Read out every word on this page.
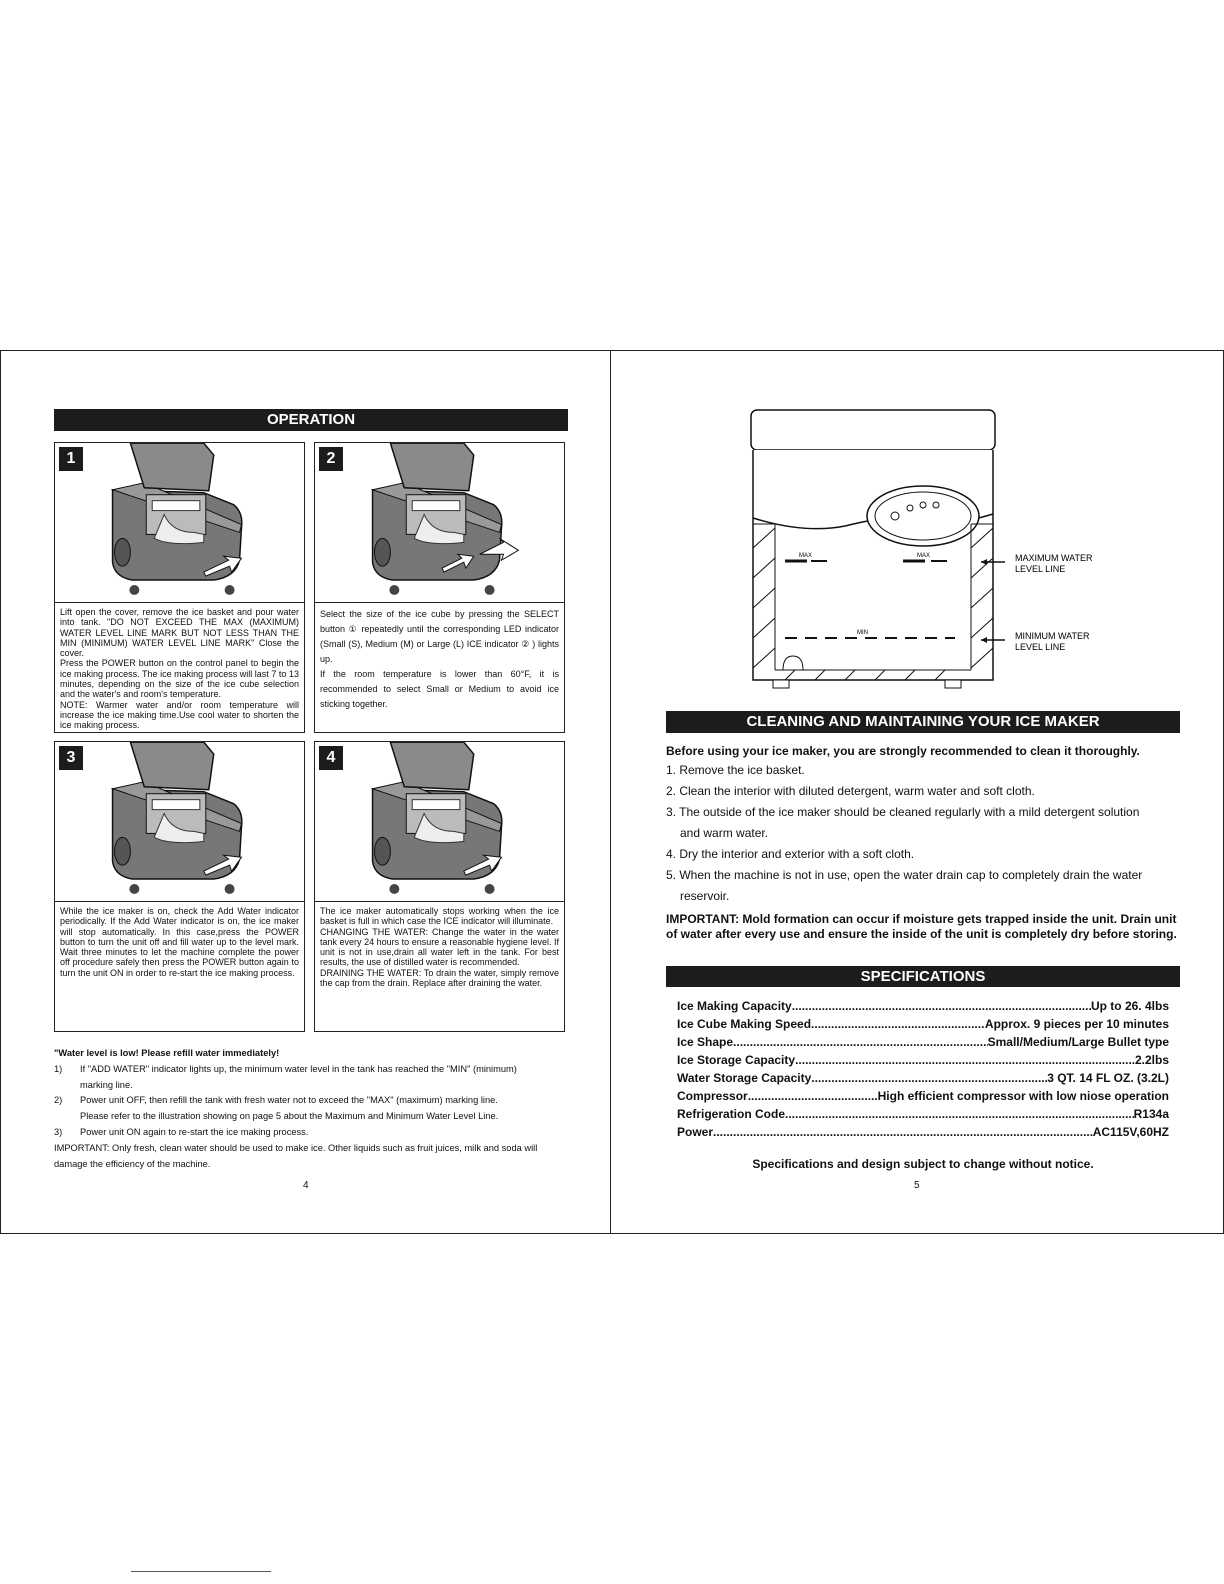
OPERATION
1

Lift open the cover, remove the ice basket and pour water into tank. "DO NOT EXCEED THE MAX (MAXIMUM) WATER LEVEL LINE MARK BUT NOT LESS THAN THE MIN (MINIMUM) WATER LEVEL LINE MARK" Close the cover.

Press the POWER button on the control panel to begin the ice making process. The ice making process will last 7 to 13 minutes, depending on the size of the ice cube selection and the water's and room's temperature.

NOTE: Warmer water and/or room temperature will increase the ice making time.Use cool water to shorten the ice making process.

2

Select the size of the ice cube by pressing the SELECT button ① repeatedly until the corresponding LED indicator (Small (S), Medium (M) or Large (L) ICE indicator ② ) lights up.

If the room temperature is lower than 60°F, it is recommended to select Small or Medium to avoid ice sticking together.

3

While the ice maker is on, check the Add Water indicator periodically. If the Add Water indicator is on, the ice maker will stop automatically. In this case,press the POWER button to turn the unit off and fill water up to the level mark. Wait three minutes to let the machine complete the power off procedure safely then press the POWER button again to turn the unit ON in order to re-start the ice making process.

4

The ice maker automatically stops working when the ice basket is full in which case the ICE indicator will illuminate.

CHANGING THE WATER: Change the water in the water tank every 24 hours to ensure a reasonable hygiene level. If unit is not in use,drain all water left in the tank. For best results, the use of distilled water is recommended.

DRAINING THE WATER: To drain the water, simply remove the cap from the drain. Replace after draining the water.

"Water level is low! Please refill water immediately!
1)	If "ADD WATER" indicator lights up, the minimum water level in the tank has reached the "MIN" (minimum)
marking line.
2)	Power unit OFF, then refill the tank with fresh water not to exceed the "MAX" (maximum) marking line.
Please refer to the illustration showing on page 5 about the Maximum and Minimum Water Level Line.
3)	Power unit ON again to re-start the ice making process.
IMPORTANT: Only fresh, clean water should be used to make ice. Other liquids such as fruit juices, milk and soda will damage the efficiency of the machine.
4
MAX	MAX
MIN
MAXIMUM WATER
LEVEL LINE
MINIMUM WATER
LEVEL LINE
CLEANING AND MAINTAINING YOUR ICE MAKER
Before using your ice maker, you are strongly recommended to clean it thoroughly.
1. Remove the ice basket.
2. Clean the interior with diluted detergent, warm water and soft cloth.
3. The outside of the ice maker should be cleaned regularly with a mild detergent solution
and warm water.
4. Dry the interior and exterior with a soft cloth.
5. When the machine is not in use, open the water drain cap to completely drain the water
reservoir.
IMPORTANT: Mold formation can occur if moisture gets trapped inside the unit. Drain unit of water after every use and ensure the inside of the unit is completely dry before storing.
SPECIFICATIONS
Ice Making Capacity .....	Up to 26. 4lbs
Ice Cube Making Speed .....	Approx. 9 pieces per 10 minutes
Ice Shape .....	Small/Medium/Large Bullet type
Ice Storage Capacity .....	2.2lbs
Water Storage Capacity .....	3 QT. 14 FL OZ. (3.2L)
Compressor .....	High efficient compressor with low niose operation
Refrigeration Code .....	R134a
Power .....	AC115V,60HZ
Specifications and design subject to change without notice.
5
